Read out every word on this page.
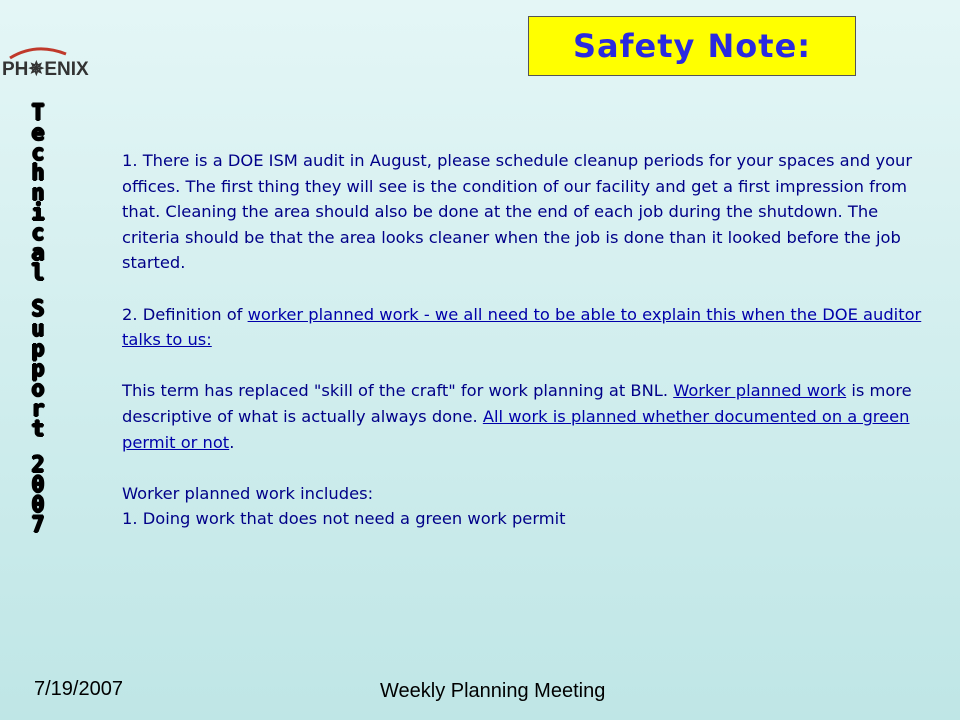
PH✵ENIX
T
e
c
h
n
i
c
a
l
S
u
p
p
o
r
t
2
0
0
7
Safety Note:

1. There is a DOE ISM audit in August, please schedule cleanup periods for your spaces and your offices. The first thing they will see is the condition of our facility and get a first impression from that. Cleaning the area should also be done at the end of each job during the shutdown. The criteria should be that the area looks cleaner when the job is done than it looked before the job started.

2. Definition of worker planned work - we all need to be able to explain this when the DOE auditor talks to us:

This term has replaced "skill of the craft" for work planning at BNL. Worker planned work is more descriptive of what is actually always done. All work is planned whether documented on a green permit or not.

Worker planned work includes:

1. Doing work that does not need a green work permit

7/19/2007	Weekly Planning Meeting
